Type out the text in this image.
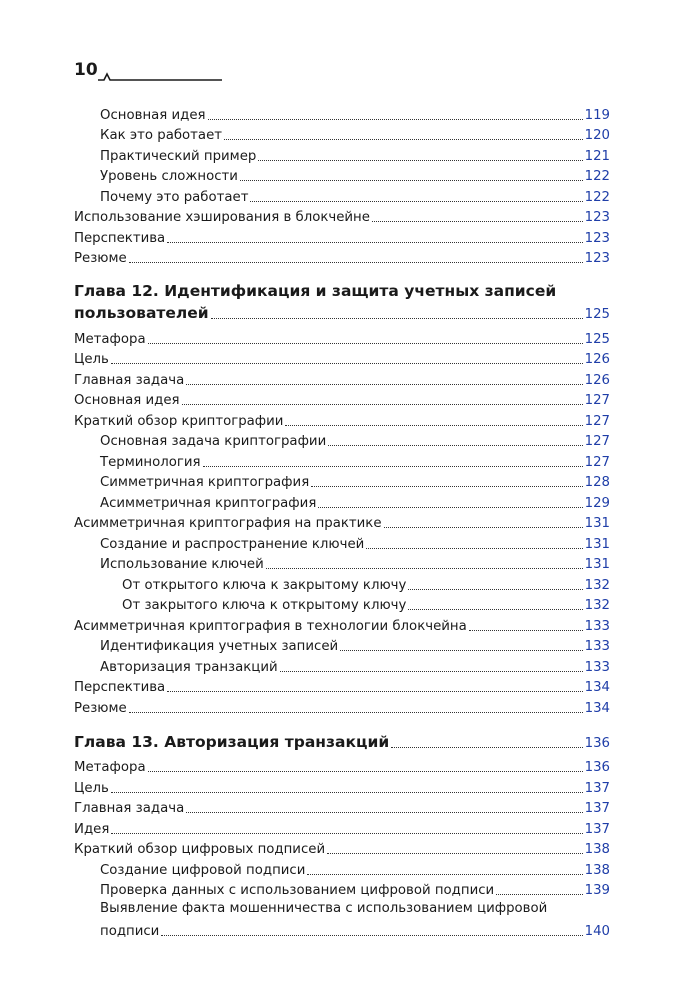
10
Основная идея	119
Как это работает	120
Практический пример	121
Уровень сложности	122
Почему это работает	122
Использование хэширования в блокчейне	123
Перспектива	123
Резюме	123
Глава 12. Идентификация и защита учетных записей
пользователей	125
Метафора	125
Цель	126
Главная задача	126
Основная идея	127
Краткий обзор криптографии	127
Основная задача криптографии	127
Терминология	127
Симметричная криптография	128
Асимметричная криптография	129
Асимметричная криптография на практике	131
Создание и распространение ключей	131
Использование ключей	131
От открытого ключа к закрытому ключу	132
От закрытого ключа к открытому ключу	132
Асимметричная криптография в технологии блокчейна	133
Идентификация учетных записей	133
Авторизация транзакций	133
Перспектива	134
Резюме	134
Глава 13. Авторизация транзакций	136
Метафора	136
Цель	137
Главная задача	137
Идея	137
Краткий обзор цифровых подписей	138
Создание цифровой подписи	138
Проверка данных с использованием цифровой подписи	139
Выявление факта мошенничества с использованием цифровой
подписи	140
